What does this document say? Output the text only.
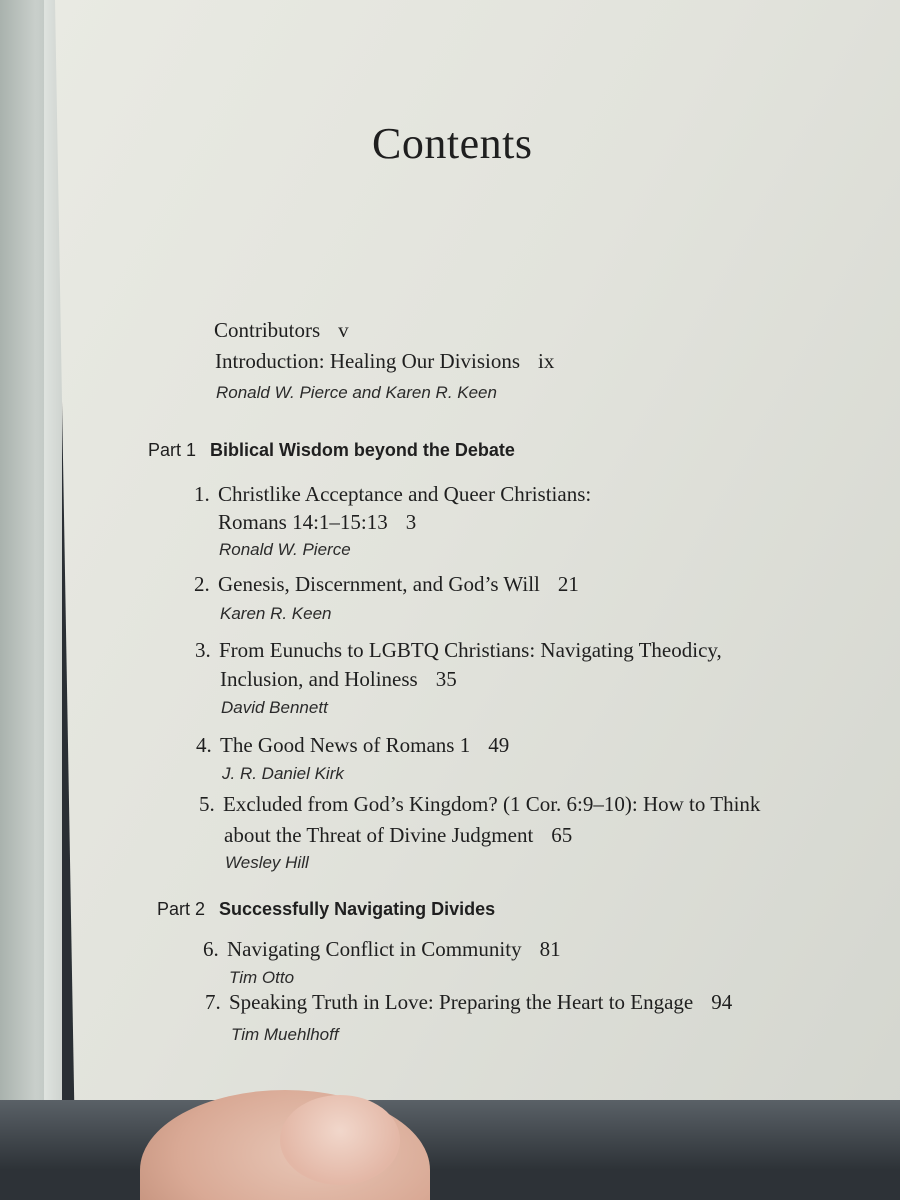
Contents
Contributors v
Introduction: Healing Our Divisions ix
Ronald W. Pierce and Karen R. Keen
Part 1 Biblical Wisdom beyond the Debate
1. Christlike Acceptance and Queer Christians:
Romans 14:1–15:13 3
Ronald W. Pierce
2. Genesis, Discernment, and God’s Will 21
Karen R. Keen
3. From Eunuchs to LGBTQ Christians: Navigating Theodicy,
Inclusion, and Holiness 35
David Bennett
4. The Good News of Romans 1 49
J. R. Daniel Kirk
5. Excluded from God’s Kingdom? (1 Cor. 6:9–10): How to Think
about the Threat of Divine Judgment 65
Wesley Hill
Part 2 Successfully Navigating Divides
6. Navigating Conflict in Community 81
Tim Otto
7. Speaking Truth in Love: Preparing the Heart to Engage 94
Tim Muehlhoff
